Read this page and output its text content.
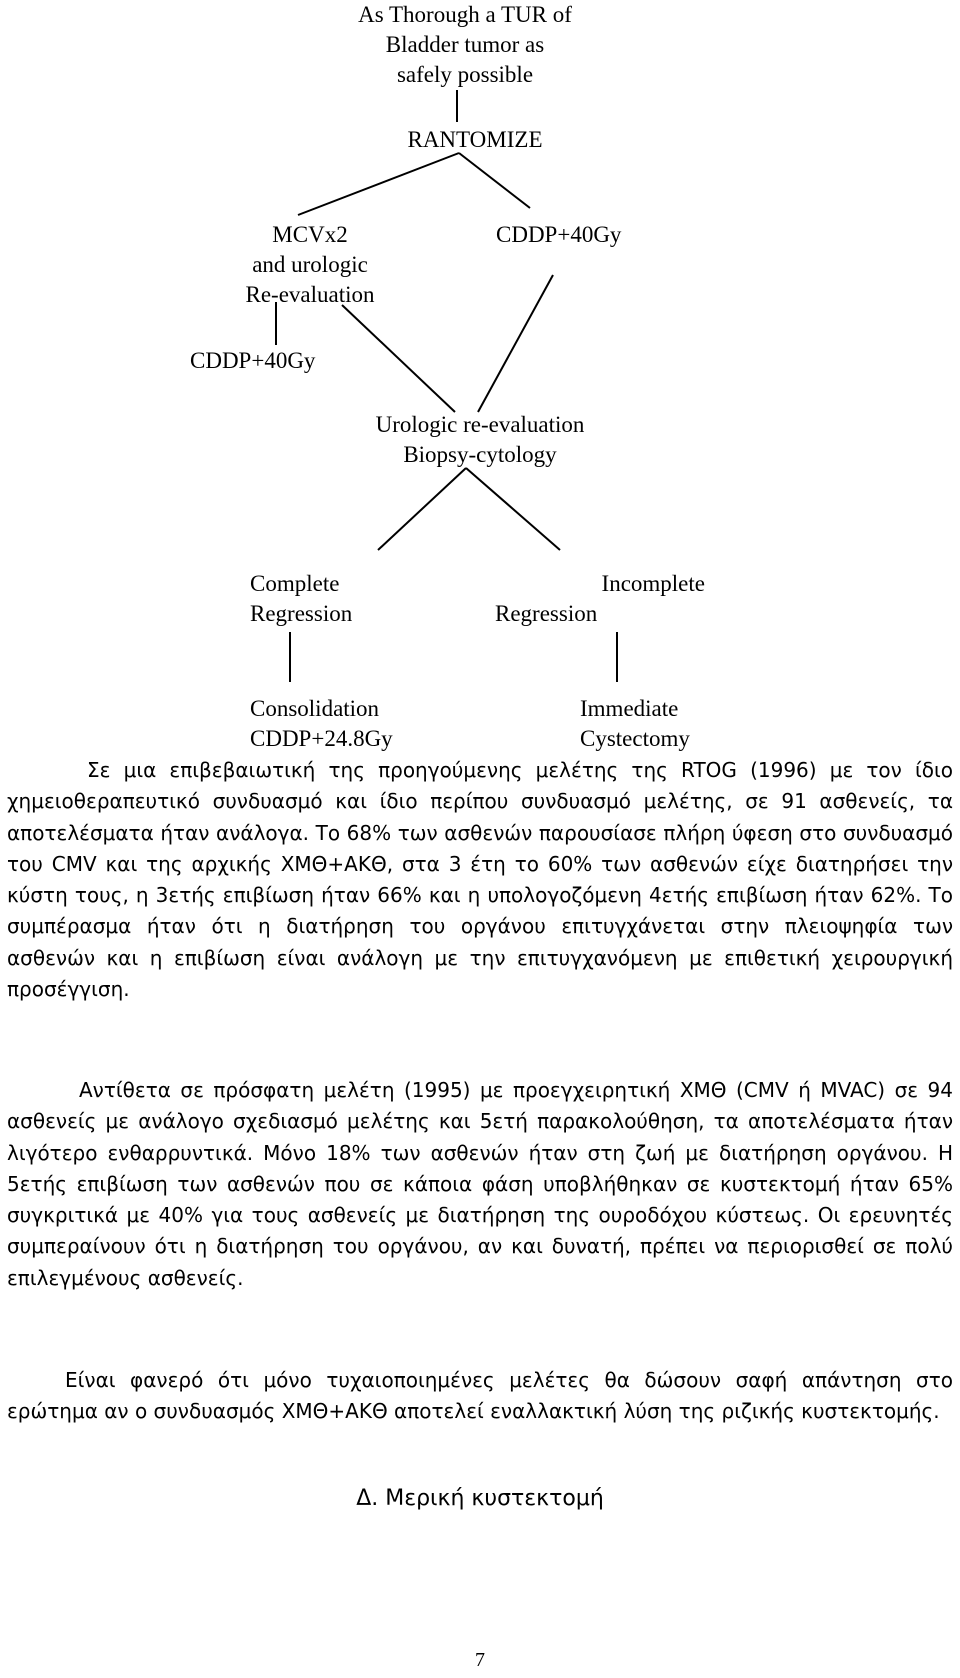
As Thorough a TUR of
Bladder tumor as
safely possible
RANTOMIZE
MCVx2
and urologic
Re-evaluation
CDDP+40Gy
CDDP+40Gy
Urologic re-evaluation
Biopsy-cytology
Complete
Regression
Incomplete
Regression
Consolidation
CDDP+24.8Gy
Immediate
Cystectomy

Σε μια επιβεβαιωτική της προηγούμενης μελέτης της RTOG (1996) με τον ίδιο χημειοθεραπευτικό συνδυασμό και ίδιο περίπου συνδυασμό μελέτης, σε 91 ασθενείς, τα αποτελέσματα ήταν ανάλογα. Το 68% των ασθενών παρουσίασε πλήρη ύφεση στο συνδυασμό του CMV και της αρχικής ΧΜΘ+ΑΚΘ, στα 3 έτη το 60% των ασθενών είχε διατηρήσει την κύστη τους, η 3ετής επιβίωση ήταν 66% και η υπολογοζόμενη 4ετής επιβίωση ήταν 62%. Το συμπέρασμα ήταν ότι η διατήρηση του οργάνου επιτυγχάνεται στην πλειοψηφία των ασθενών και η επιβίωση είναι ανάλογη με την επιτυγχανόμενη με επιθετική χειρουργική προσέγγιση.

Αντίθετα σε πρόσφατη μελέτη (1995) με προεγχειρητική ΧΜΘ (CMV ή MVAC) σε 94 ασθενείς με ανάλογο σχεδιασμό μελέτης και 5ετή παρακολούθηση, τα αποτελέσματα ήταν λιγότερο ενθαρρυντικά. Μόνο 18% των ασθενών ήταν στη ζωή με διατήρηση οργάνου. Η 5ετής επιβίωση των ασθενών που σε κάποια φάση υποβλήθηκαν σε κυστεκτομή ήταν 65% συγκριτικά με 40% για τους ασθενείς με διατήρηση της ουροδόχου κύστεως. Οι ερευνητές συμπεραίνουν ότι η διατήρηση του οργάνου, αν και δυνατή, πρέπει να περιορισθεί σε πολύ επιλεγμένους ασθενείς.

Είναι φανερό ότι μόνο τυχαιοποιημένες μελέτες θα δώσουν σαφή απάντηση στο ερώτημα αν ο συνδυασμός ΧΜΘ+ΑΚΘ αποτελεί εναλλακτική λύση της ριζικής κυστεκτομής.

Δ. Μερική κυστεκτομή
7
